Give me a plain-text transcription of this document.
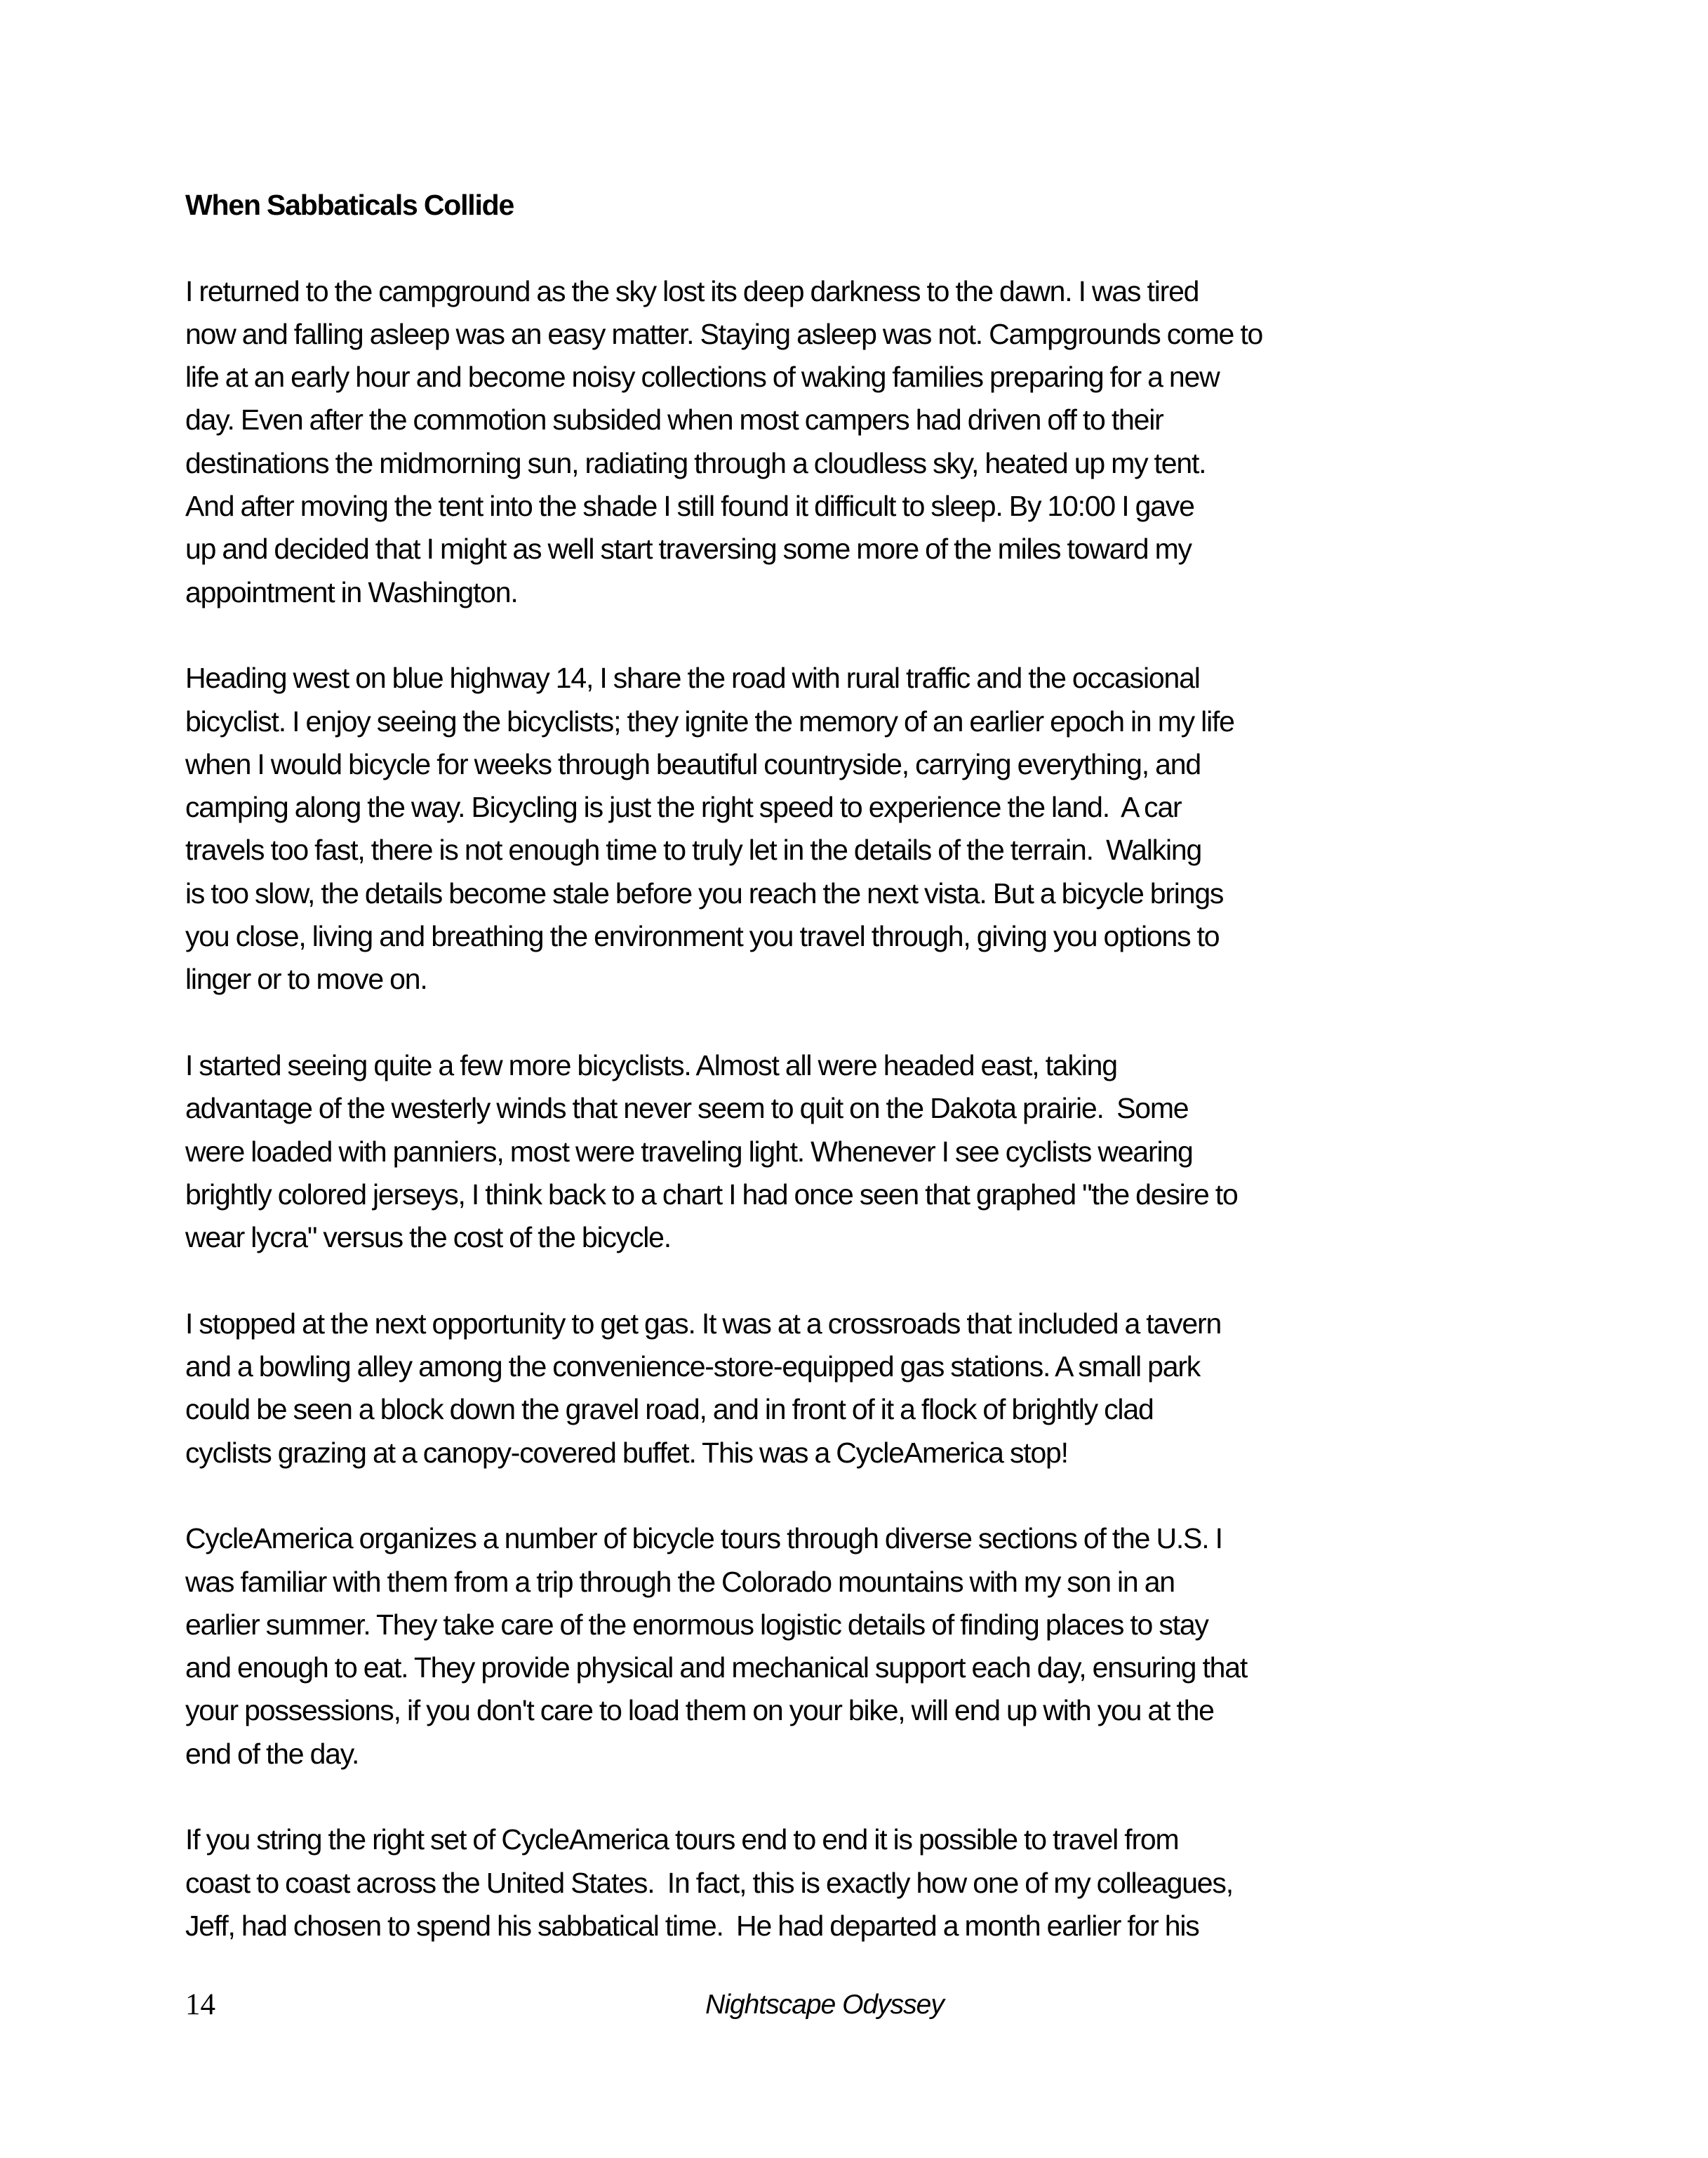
When Sabbaticals Collide
I returned to the campground as the sky lost its deep darkness to the dawn. I was tired
now and falling asleep was an easy matter. Staying asleep was not. Campgrounds come to
life at an early hour and become noisy collections of waking families preparing for a new
day. Even after the commotion subsided when most campers had driven off to their
destinations the midmorning sun, radiating through a cloudless sky, heated up my tent.
And after moving the tent into the shade I still found it difficult to sleep. By 10:00 I gave
up and decided that I might as well start traversing some more of the miles toward my
appointment in Washington.
Heading west on blue highway 14, I share the road with rural traffic and the occasional
bicyclist. I enjoy seeing the bicyclists; they ignite the memory of an earlier epoch in my life
when I would bicycle for weeks through beautiful countryside, carrying everything, and
camping along the way. Bicycling is just the right speed to experience the land.  A car
travels too fast, there is not enough time to truly let in the details of the terrain.  Walking
is too slow, the details become stale before you reach the next vista. But a bicycle brings
you close, living and breathing the environment you travel through, giving you options to
linger or to move on.
I started seeing quite a few more bicyclists. Almost all were headed east, taking
advantage of the westerly winds that never seem to quit on the Dakota prairie.  Some
were loaded with panniers, most were traveling light. Whenever I see cyclists wearing
brightly colored jerseys, I think back to a chart I had once seen that graphed "the desire to
wear lycra" versus the cost of the bicycle.
I stopped at the next opportunity to get gas. It was at a crossroads that included a tavern
and a bowling alley among the convenience-store-equipped gas stations. A small park
could be seen a block down the gravel road, and in front of it a flock of brightly clad
cyclists grazing at a canopy-covered buffet. This was a CycleAmerica stop!
CycleAmerica organizes a number of bicycle tours through diverse sections of the U.S. I
was familiar with them from a trip through the Colorado mountains with my son in an
earlier summer. They take care of the enormous logistic details of finding places to stay
and enough to eat. They provide physical and mechanical support each day, ensuring that
your possessions, if you don't care to load them on your bike, will end up with you at the
end of the day.
If you string the right set of CycleAmerica tours end to end it is possible to travel from
coast to coast across the United States.  In fact, this is exactly how one of my colleagues,
Jeff, had chosen to spend his sabbatical time.  He had departed a month earlier for his
14	Nightscape Odyssey
